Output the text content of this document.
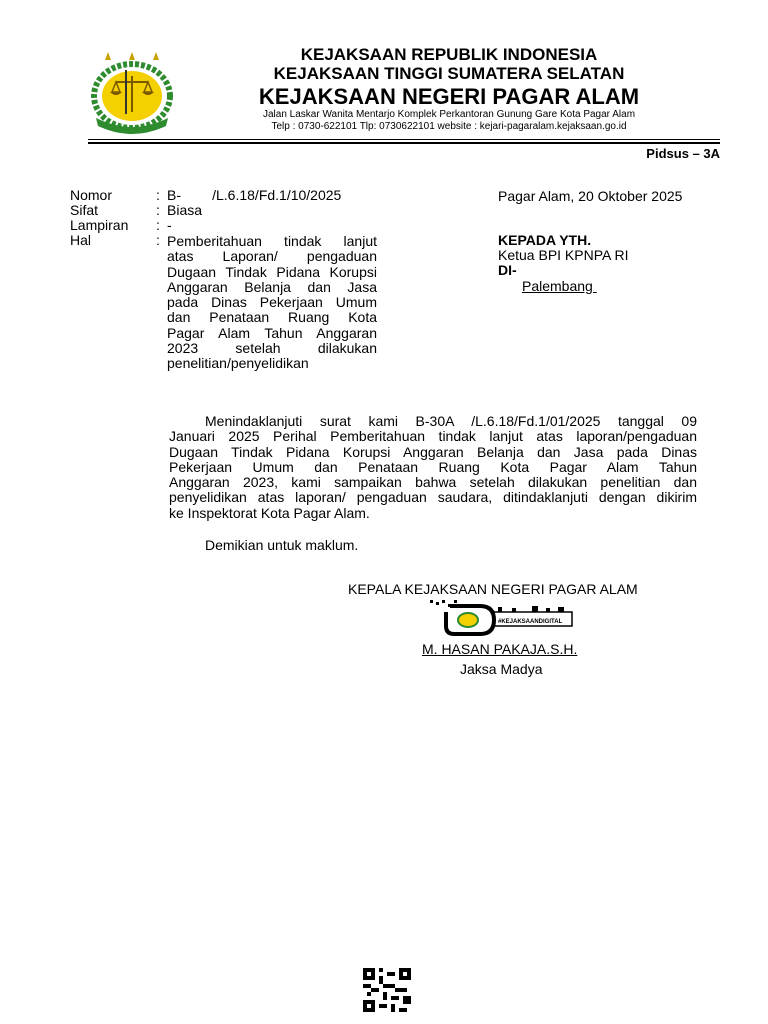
KEJAKSAAN REPUBLIK INDONESIA
KEJAKSAAN TINGGI SUMATERA SELATAN
KEJAKSAAN NEGERI PAGAR ALAM
Jalan Laskar Wanita Mentarjo Komplek Perkantoran Gunung Gare Kota Pagar Alam
Telp : 0730-622101 Tlp: 0730622101 website : kejari-pagaralam.kejaksaan.go.id
Pidsus – 3A
Nomor	: B-        /L.6.18/Fd.1/10/2025
Sifat	: Biasa
Lampiran : -
Hal	: Pemberitahuan tindak lanjut
atas Laporan/ pengaduan
Dugaan Tindak Pidana Korupsi
Anggaran Belanja dan Jasa
pada Dinas Pekerjaan Umum
dan Penataan Ruang Kota
Pagar Alam Tahun Anggaran
2023 setelah dilakukan
penelitian/penyelidikan
Pagar Alam, 20 Oktober 2025
KEPADA YTH.
Ketua BPI KPNPA RI
DI-
Palembang
Menindaklanjuti surat kami B-30A /L.6.18/Fd.1/01/2025 tanggal 09
Januari 2025 Perihal Pemberitahuan tindak lanjut atas laporan/pengaduan
Dugaan Tindak Pidana Korupsi Anggaran Belanja dan Jasa pada Dinas
Pekerjaan Umum dan Penataan Ruang Kota Pagar Alam Tahun
Anggaran 2023, kami sampaikan bahwa setelah dilakukan penelitian dan
penyelidikan atas laporan/ pengaduan saudara, ditindaklanjuti dengan dikirim
ke Inspektorat Kota Pagar Alam.
Demikian untuk maklum.
KEPALA KEJAKSAAN NEGERI PAGAR ALAM
#KEJAKSAANDIGITAL
M. HASAN PAKAJA.S.H.
Jaksa Madya
